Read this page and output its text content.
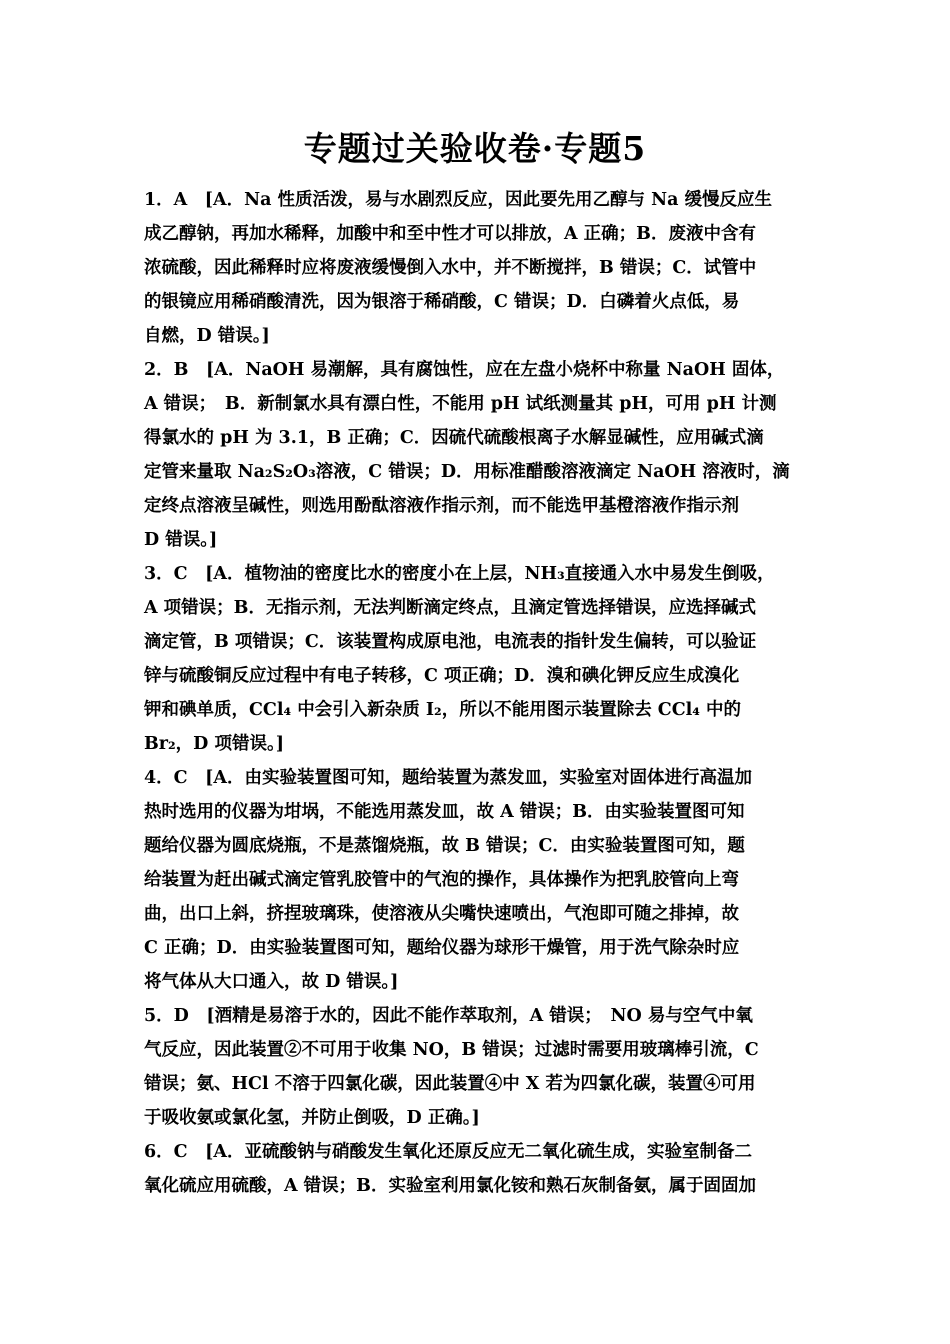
专题过关验收卷·专题5
1．A　[A．Na 性质活泼，易与水剧烈反应，因此要先用乙醇与 Na 缓慢反应生
成乙醇钠，再加水稀释，加酸中和至中性才可以排放，A 正确；B．废液中含有
浓硫酸，因此稀释时应将废液缓慢倒入水中，并不断搅拌，B 错误；C．试管中
的银镜应用稀硝酸清洗，因为银溶于稀硝酸，C 错误；D．白磷着火点低，易
自燃，D 错误。]
2．B　[A．NaOH 易潮解，具有腐蚀性，应在左盘小烧杯中称量 NaOH 固体，
A 错误；　B．新制氯水具有漂白性，不能用 pH 试纸测量其 pH，可用 pH 计测
得氯水的 pH 为 3.1，B 正确；C．因硫代硫酸根离子水解显碱性，应用碱式滴
定管来量取 Na₂S₂O₃溶液，C 错误；D．用标准醋酸溶液滴定 NaOH 溶液时，滴
定终点溶液呈碱性，则选用酚酞溶液作指示剂，而不能选甲基橙溶液作指示剂
D 错误。]
3．C　[A．植物油的密度比水的密度小在上层，NH₃直接通入水中易发生倒吸，
A 项错误；B．无指示剂，无法判断滴定终点，且滴定管选择错误，应选择碱式
滴定管，B 项错误；C．该装置构成原电池，电流表的指针发生偏转，可以验证
锌与硫酸铜反应过程中有电子转移，C 项正确；D．溴和碘化钾反应生成溴化
钾和碘单质，CCl₄ 中会引入新杂质 I₂，所以不能用图示装置除去 CCl₄ 中的
Br₂，D 项错误。]
4．C　[A．由实验装置图可知，题给装置为蒸发皿，实验室对固体进行高温加
热时选用的仪器为坩埚，不能选用蒸发皿，故 A 错误；B．由实验装置图可知
题给仪器为圆底烧瓶，不是蒸馏烧瓶，故 B 错误；C．由实验装置图可知，题
给装置为赶出碱式滴定管乳胶管中的气泡的操作，具体操作为把乳胶管向上弯
曲，出口上斜，挤捏玻璃珠，使溶液从尖嘴快速喷出，气泡即可随之排掉，故
C 正确；D．由实验装置图可知，题给仪器为球形干燥管，用于洗气除杂时应
将气体从大口通入，故 D 错误。]
5．D　[酒精是易溶于水的，因此不能作萃取剂，A 错误；　NO 易与空气中氧
气反应，因此装置②不可用于收集 NO，B 错误；过滤时需要用玻璃棒引流，C
错误；氨、HCl 不溶于四氯化碳，因此装置④中 X 若为四氯化碳，装置④可用
于吸收氨或氯化氢，并防止倒吸，D 正确。]
6．C　[A．亚硫酸钠与硝酸发生氧化还原反应无二氧化硫生成，实验室制备二
氧化硫应用硫酸，A 错误；B．实验室利用氯化铵和熟石灰制备氨，属于固固加
